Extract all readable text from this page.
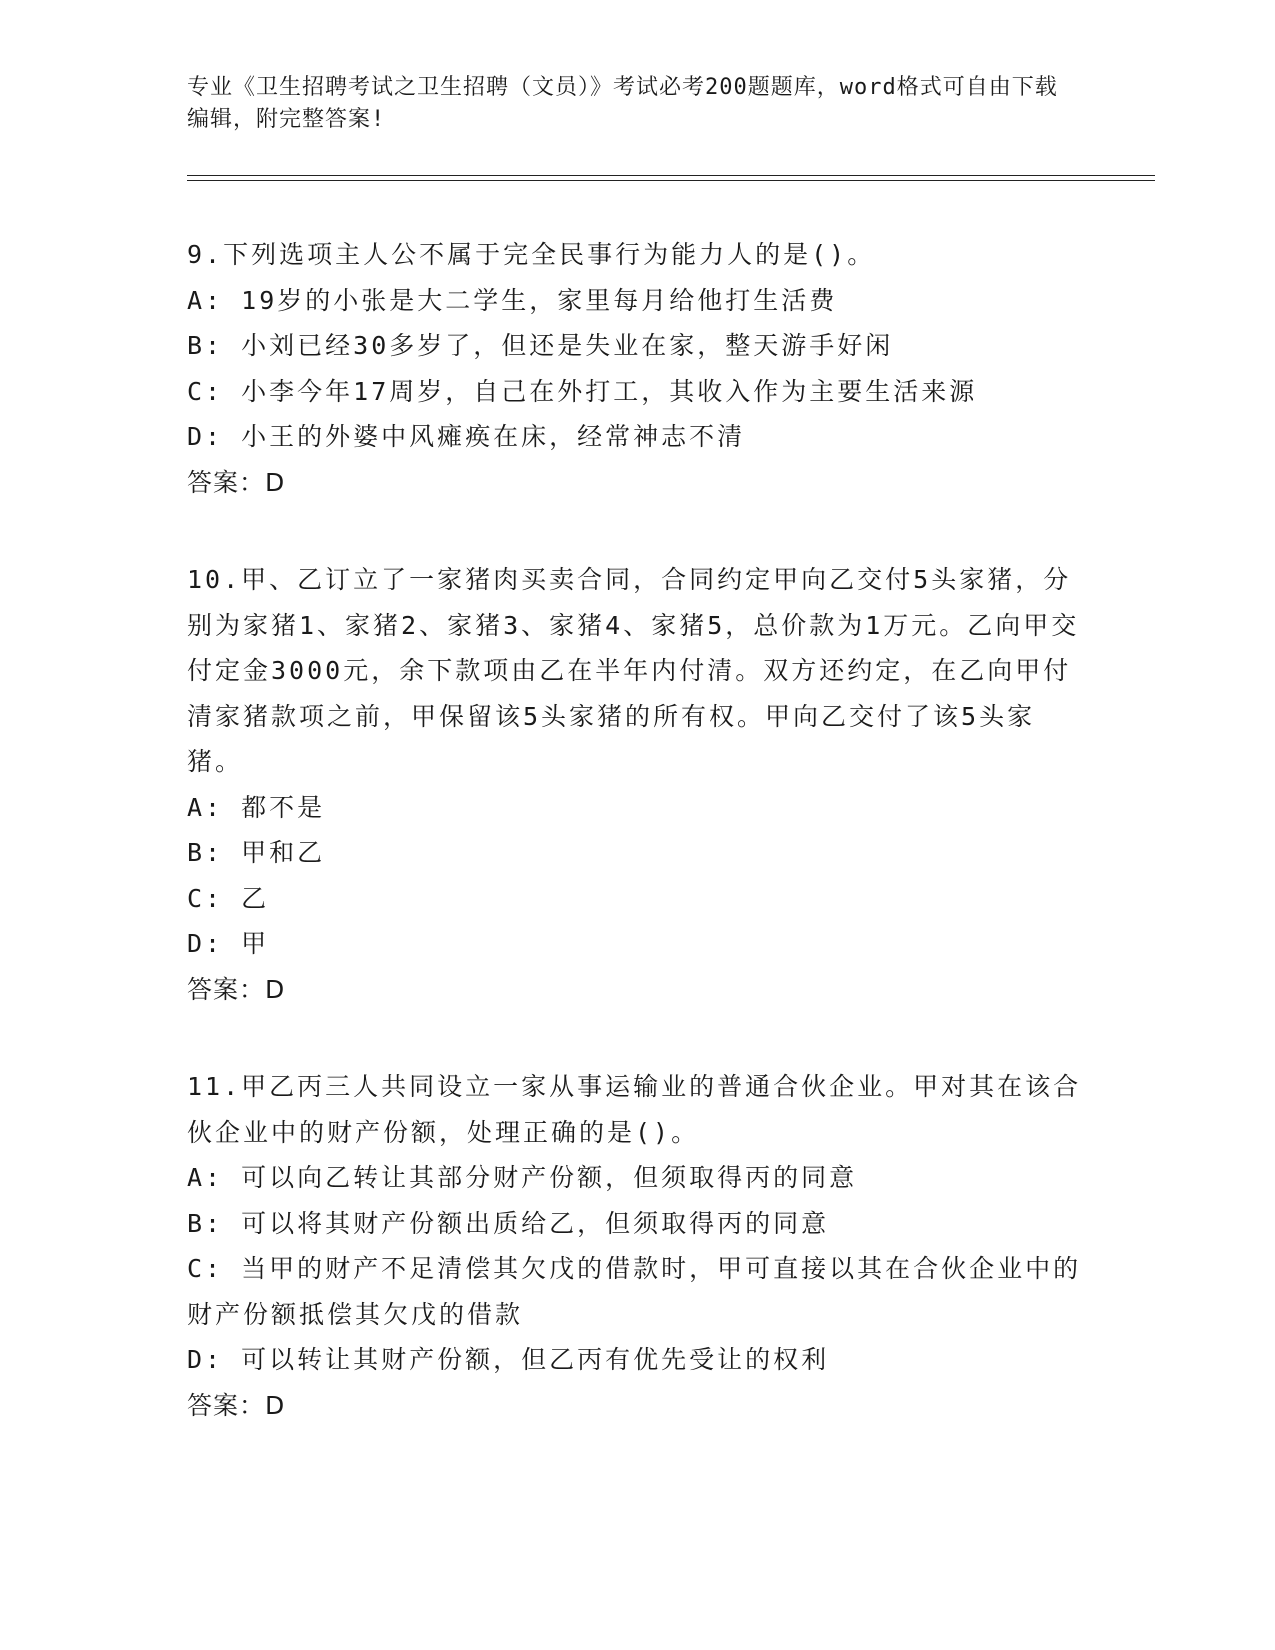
专业《卫生招聘考试之卫生招聘（文员）》考试必考200题题库，word格式可自由下载编辑，附完整答案!
9.下列选项主人公不属于完全民事行为能力人的是()。
A: 19岁的小张是大二学生，家里每月给他打生活费
B: 小刘已经30多岁了，但还是失业在家，整天游手好闲
C: 小李今年17周岁，自己在外打工，其收入作为主要生活来源
D: 小王的外婆中风瘫痪在床，经常神志不清
答案：D
10.甲、乙订立了一家猪肉买卖合同，合同约定甲向乙交付5头家猪，分别为家猪1、家猪2、家猪3、家猪4、家猪5，总价款为1万元。乙向甲交付定金3000元，余下款项由乙在半年内付清。双方还约定，在乙向甲付清家猪款项之前，甲保留该5头家猪的所有权。甲向乙交付了该5头家猪。
A: 都不是
B: 甲和乙
C: 乙
D: 甲
答案：D
11.甲乙丙三人共同设立一家从事运输业的普通合伙企业。甲对其在该合伙企业中的财产份额，处理正确的是()。
A: 可以向乙转让其部分财产份额，但须取得丙的同意
B: 可以将其财产份额出质给乙，但须取得丙的同意
C: 当甲的财产不足清偿其欠戊的借款时，甲可直接以其在合伙企业中的财产份额抵偿其欠戊的借款
D: 可以转让其财产份额，但乙丙有优先受让的权利
答案：D
